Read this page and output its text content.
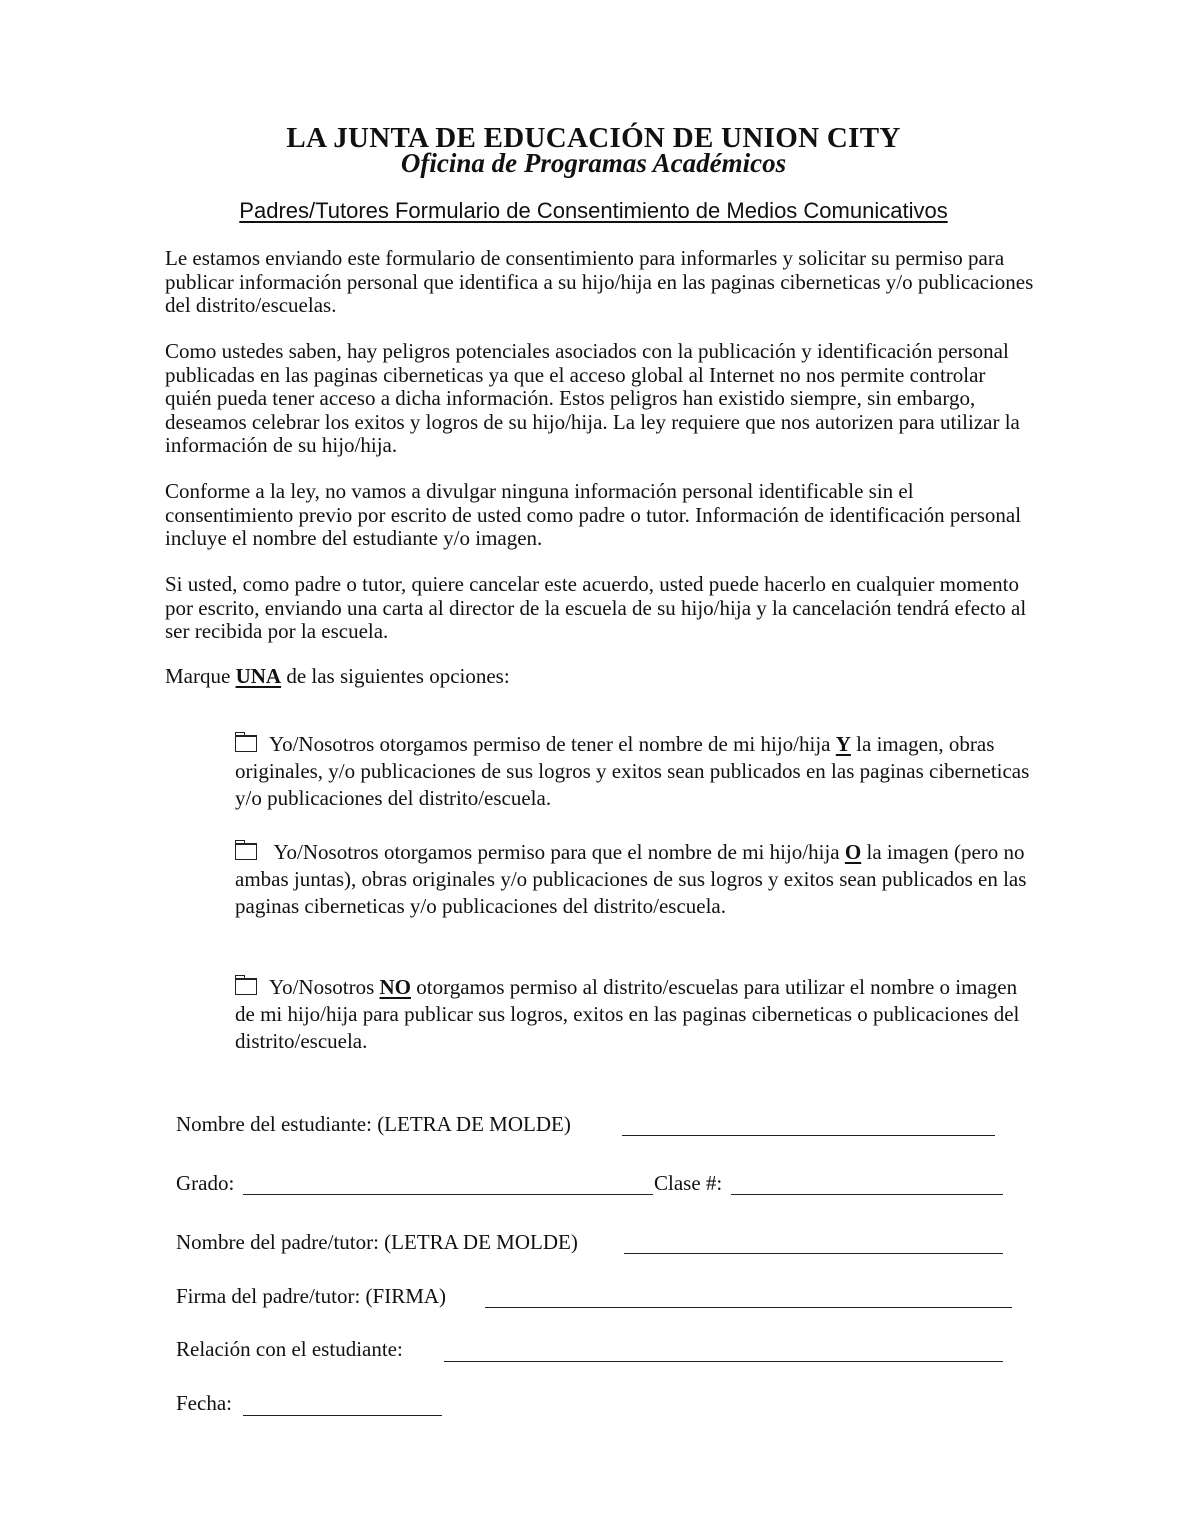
LA JUNTA DE EDUCACIÓN DE UNION CITY
Oficina de Programas Académicos
Padres/Tutores Formulario de Consentimiento de Medios Comunicativos

Le estamos enviando este formulario de consentimiento para informarles y solicitar su permiso para publicar información personal que identifica a su hijo/hija en las paginas ciberneticas y/o publicaciones del distrito/escuelas.

Como ustedes saben, hay peligros potenciales asociados con la publicación y identificación personal publicadas en las paginas ciberneticas ya que el acceso global al Internet no nos permite controlar quién pueda tener acceso a dicha información. Estos peligros han existido siempre, sin embargo, deseamos celebrar los exitos y logros de su hijo/hija. La ley requiere que nos autorizen para utilizar la información de su hijo/hija.

Conforme a la ley, no vamos a divulgar ninguna información personal identificable sin el consentimiento previo por escrito de usted como padre o tutor. Información de identificación personal incluye el nombre del estudiante y/o imagen.

Si usted, como padre o tutor, quiere cancelar este acuerdo, usted puede hacerlo en cualquier momento por escrito, enviando una carta al director de la escuela de su hijo/hija y la cancelación tendrá efecto al ser recibida por la escuela.

Marque UNA de las siguientes opciones:

Yo/Nosotros otorgamos permiso de tener el nombre de mi hijo/hija Y la imagen, obras originales, y/o publicaciones de sus logros y exitos sean publicados en las paginas ciberneticas y/o publicaciones del distrito/escuela.

Yo/Nosotros otorgamos permiso para que el nombre de mi hijo/hija O la imagen (pero no ambas juntas), obras originales y/o publicaciones de sus logros y exitos sean publicados en las paginas ciberneticas y/o publicaciones del distrito/escuela.

Yo/Nosotros NO otorgamos permiso al distrito/escuelas para utilizar el nombre o imagen de mi hijo/hija para publicar sus logros, exitos en las paginas ciberneticas o publicaciones del distrito/escuela.

Nombre del estudiante: (LETRA DE MOLDE)
Grado:	Clase #:
Nombre del padre/tutor: (LETRA DE MOLDE)
Firma del padre/tutor: (FIRMA)
Relación con el estudiante:
Fecha:
